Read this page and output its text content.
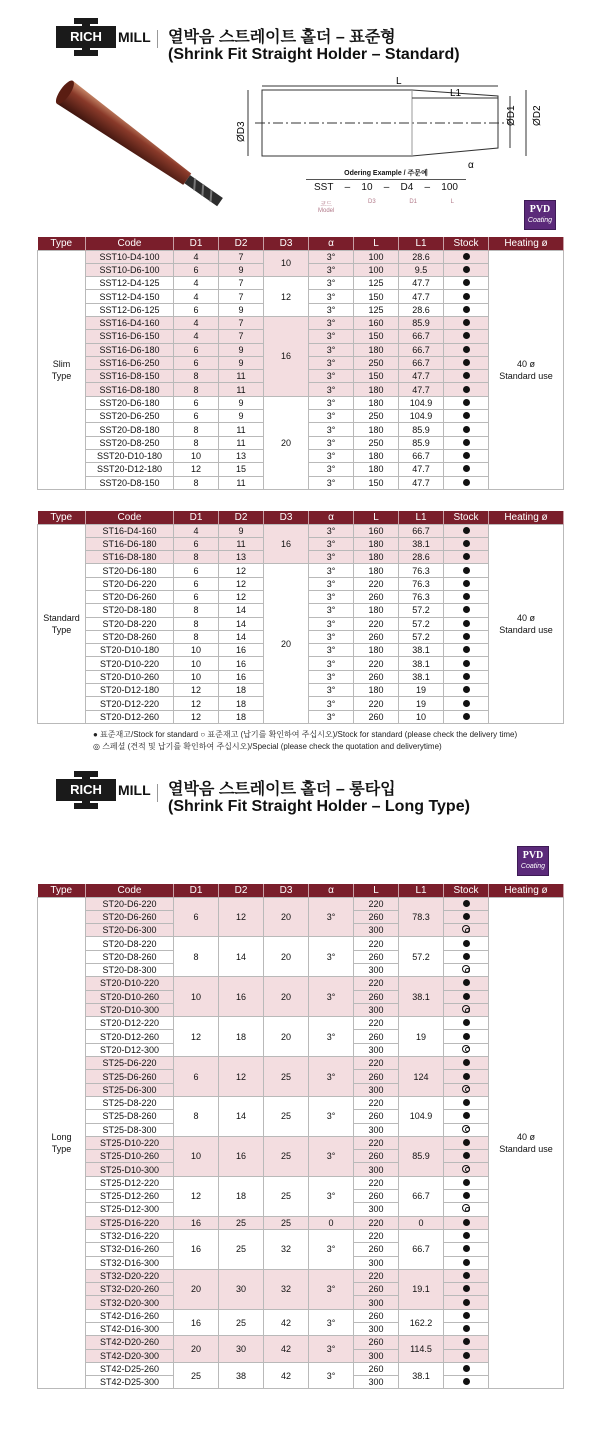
RICH	MILL 열박음 스트레이트 홀더 – 표준형
(Shrink Fit Straight Holder – Standard)
L
L1
ØD1 ØD2
ØD3
α
Odering Example / 주문예
SST – 10 – D4 – 100
코드
Model
D3	D1	L
PVD
Coating
Type	Code	D1	D2	D3	α	L	L1	Stock	Heating ø
Slim
Type	SST10-D4-100	4	7	10	3°	100	28.6		40 ø
Standard use
	SST10-D6-100	6	9		3°	100	9.5		
	SST12-D4-125	4	7	12	3°	125	47.7		
	SST12-D4-150	4	7		3°	150	47.7		
	SST12-D6-125	6	9		3°	125	28.6		
	SST16-D4-160	4	7	16	3°	160	85.9		
	SST16-D6-150	4	7		3°	150	66.7		
	SST16-D6-180	6	9		3°	180	66.7		
	SST16-D6-250	6	9		3°	250	66.7		
	SST16-D8-150	8	11		3°	150	47.7		
	SST16-D8-180	8	11		3°	180	47.7		
	SST20-D6-180	6	9	20	3°	180	104.9		
	SST20-D6-250	6	9		3°	250	104.9		
	SST20-D8-180	8	11		3°	180	85.9		
	SST20-D8-250	8	11		3°	250	85.9		
	SST20-D10-180	10	13		3°	180	66.7		
	SST20-D12-180	12	15		3°	180	47.7		
	SST20-D8-150	8	11		3°	150	47.7		
Type	Code	D1	D2	D3	α	L	L1	Stock	Heating ø
Standard
Type	ST16-D4-160	4	9	16	3°	160	66.7		40 ø
Standard use
	ST16-D6-180	6	11		3°	180	38.1		
	ST16-D8-180	8	13		3°	180	28.6		
	ST20-D6-180	6	12	20	3°	180	76.3		
	ST20-D6-220	6	12		3°	220	76.3		
	ST20-D6-260	6	12		3°	260	76.3		
	ST20-D8-180	8	14		3°	180	57.2		
	ST20-D8-220	8	14		3°	220	57.2		
	ST20-D8-260	8	14		3°	260	57.2		
	ST20-D10-180	10	16		3°	180	38.1		
	ST20-D10-220	10	16		3°	220	38.1		
	ST20-D10-260	10	16		3°	260	38.1		
	ST20-D12-180	12	18		3°	180	19		
	ST20-D12-220	12	18		3°	220	19		
	ST20-D12-260	12	18		3°	260	10		
● 표준재고/Stock for standard ○ 표준재고 (납기를 확인하여 주십시오)/Stock for standard (please check the delivery time)
◎ 스페셜 (견적 및 납기를 확인하여 주십시오)/Special (please check the quotation and deliverytime)
RICH	MILL 열박음 스트레이트 홀더 – 롱타입
(Shrink Fit Straight Holder – Long Type)
PVD
Coating
Type	Code	D1	D2	D3	α	L	L1	Stock	Heating ø
Long
Type	ST20-D6-220	6	12	20	3°	220	78.3		40 ø
Standard use
	ST20-D6-260					260			
	ST20-D6-300					300			
	ST20-D8-220	8	14	20	3°	220	57.2		
	ST20-D8-260					260			
	ST20-D8-300					300			
	ST20-D10-220	10	16	20	3°	220	38.1		
	ST20-D10-260					260			
	ST20-D10-300					300			
	ST20-D12-220	12	18	20	3°	220	19		
	ST20-D12-260					260			
	ST20-D12-300					300			
	ST25-D6-220	6	12	25	3°	220	124		
	ST25-D6-260					260			
	ST25-D6-300					300			
	ST25-D8-220	8	14	25	3°	220	104.9		
	ST25-D8-260					260			
	ST25-D8-300					300			
	ST25-D10-220	10	16	25	3°	220	85.9		
	ST25-D10-260					260			
	ST25-D10-300					300			
	ST25-D12-220	12	18	25	3°	220	66.7		
	ST25-D12-260					260			
	ST25-D12-300					300			
	ST25-D16-220	16	25	25	0	220	0		
	ST32-D16-220	16	25	32	3°	220	66.7		
	ST32-D16-260					260			
	ST32-D16-300					300			
	ST32-D20-220	20	30	32	3°	220	19.1		
	ST32-D20-260					260			
	ST32-D20-300					300			
	ST42-D16-260	16	25	42	3°	260	162.2		
	ST42-D16-300					300			
	ST42-D20-260	20	30	42	3°	260	114.5		
	ST42-D20-300					300			
	ST42-D25-260	25	38	42	3°	260	38.1		
	ST42-D25-300					300			
